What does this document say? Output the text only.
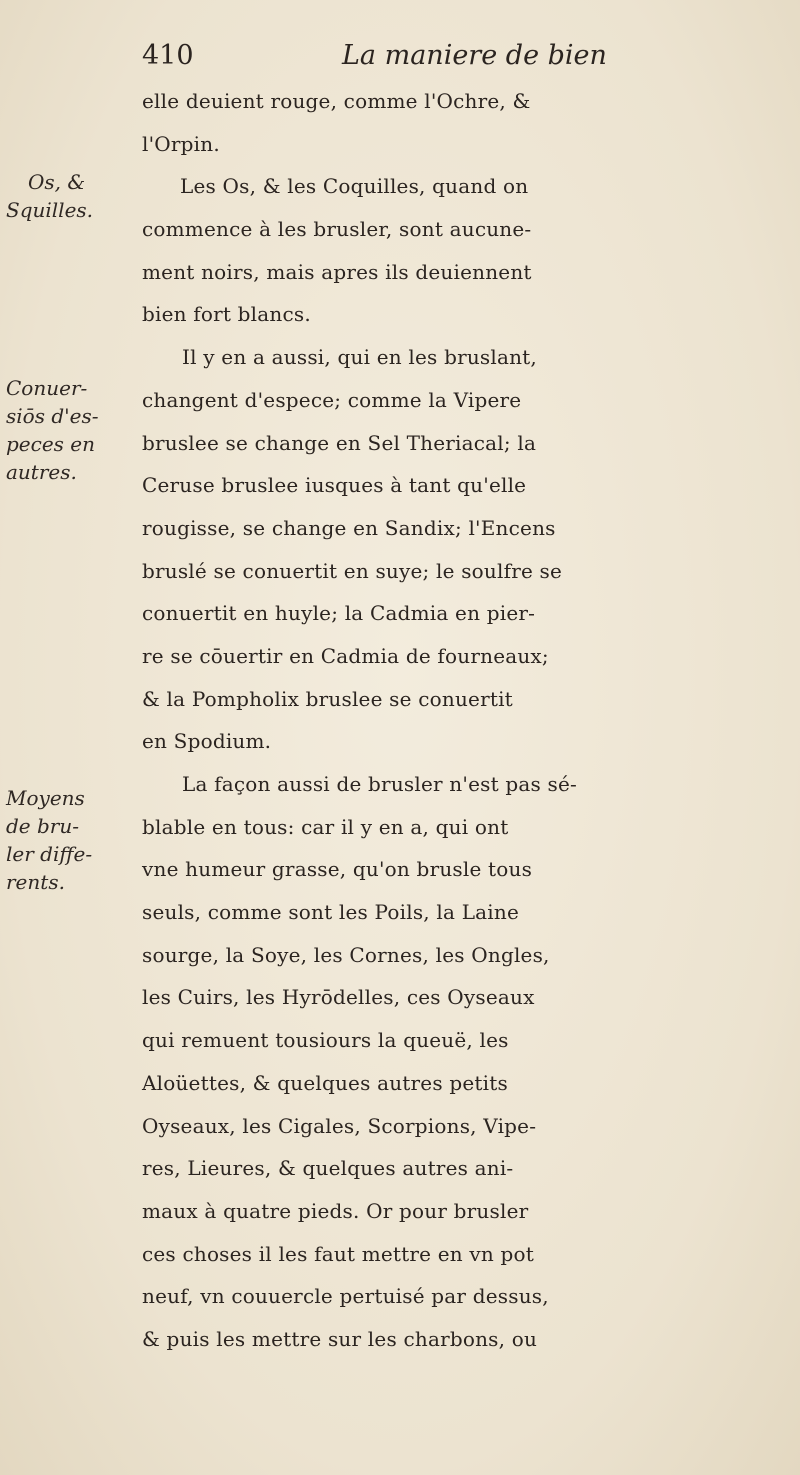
410	La maniere de bien
Os, &
Squilles.
Conuer-
siōs d'es-
peces en
autres.
Moyens
de bru-
ler diffe-
rents.
elle deuient rouge, comme l'Ochre, &
l'Orpin.
Les Os, & les Coquilles, quand on
commence à les brusler, sont aucune-
ment noirs, mais apres ils deuiennent
bien fort blancs.
Il y en a aussi, qui en les bruslant,
changent d'espece; comme la Vipere
bruslee se change en Sel Theriacal; la
Ceruse bruslee iusques à tant qu'elle
rougisse, se change en Sandix; l'Encens
bruslé se conuertit en suye; le soulfre se
conuertit en huyle; la Cadmia en pier-
re se cōuertir en Cadmia de fourneaux;
& la Pompholix bruslee se conuertit
en Spodium.
La façon aussi de brusler n'est pas sé-
blable en tous: car il y en a, qui ont
vne humeur grasse, qu'on brusle tous
seuls, comme sont les Poils, la Laine
sourge, la Soye, les Cornes, les Ongles,
les Cuirs, les Hyrōdelles, ces Oyseaux
qui remuent tousiours la queuë, les
Aloüettes, & quelques autres petits
Oyseaux, les Cigales, Scorpions, Vipe-
res, Lieures, & quelques autres ani-
maux à quatre pieds. Or pour brusler
ces choses il les faut mettre en vn pot
neuf, vn couuercle pertuisé par dessus,
& puis les mettre sur les charbons, ou
